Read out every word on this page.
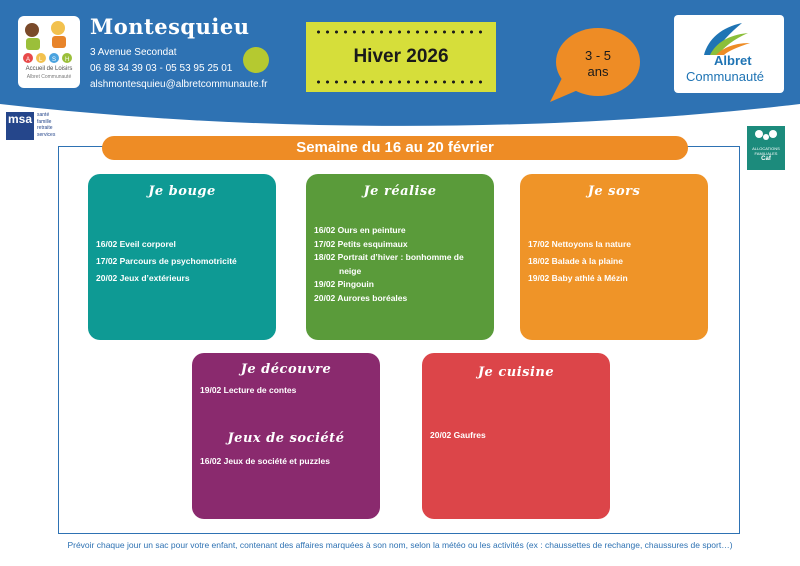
A L S H
Accueil de Loisirs
Albret Communauté
Montesquieu
3 Avenue Secondat
06 88 34 39 03 - 05 53 95 25 01
alshmontesquieu@albretcommunaute.fr
Hiver 2026	3 - 5
ans
Albret
Communauté
msa santé
famille
retraite
services
ALLOCATIONS FAMILIALES
Caf
Semaine du 16 au 20 février
Je bouge
16/02 Eveil corporel
17/02 Parcours de psychomotricité
20/02 Jeux d’extérieurs
Je réalise
16/02 Ours en peinture
17/02 Petits esquimaux
18/02 Portrait d’hiver : bonhomme de
neige
19/02 Pingouin
20/02 Aurores boréales
Je sors
17/02 Nettoyons la nature
18/02 Balade à la plaine
19/02 Baby athlé à Mézin
Je découvre
19/02 Lecture de contes
Jeux de société
16/02 Jeux de société et puzzles
Je cuisine
20/02 Gaufres
Prévoir chaque jour un sac pour votre enfant, contenant des affaires marquées à son nom, selon la météo ou les activités (ex : chaussettes de rechange, chaussures de sport…)
